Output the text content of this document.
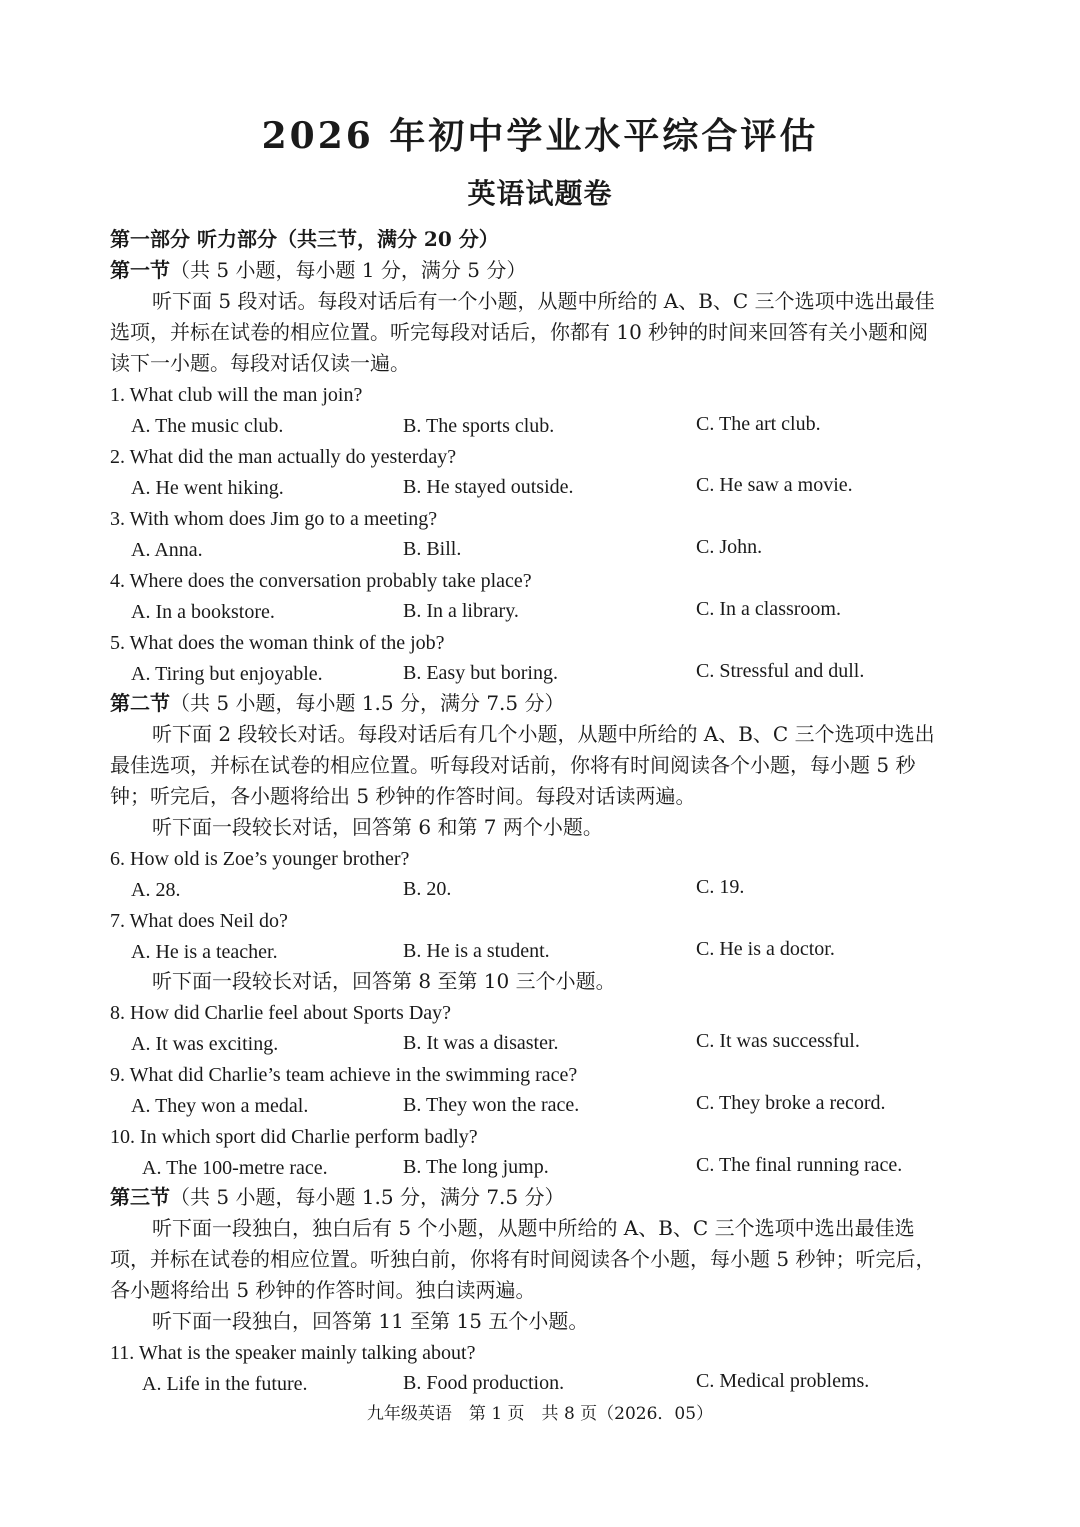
2026 年初中学业水平综合评估
英语试题卷
第一部分 听力部分（共三节，满分 20 分）
第一节（共 5 小题，每小题 1 分，满分 5 分）
听下面 5 段对话。每段对话后有一个小题，从题中所给的 A、B、C 三个选项中选出最佳
选项，并标在试卷的相应位置。听完每段对话后，你都有 10 秒钟的时间来回答有关小题和阅
读下一小题。每段对话仅读一遍。
1. What club will the man join?
A. The music club.	B. The sports club.	C. The art club.
2. What did the man actually do yesterday?
A. He went hiking.	B. He stayed outside.	C. He saw a movie.
3. With whom does Jim go to a meeting?
A. Anna.	B. Bill.	C. John.
4. Where does the conversation probably take place?
A. In a bookstore.	B. In a library.	C. In a classroom.
5. What does the woman think of the job?
A. Tiring but enjoyable.	B. Easy but boring.	C. Stressful and dull.
第二节（共 5 小题，每小题 1.5 分，满分 7.5 分）
听下面 2 段较长对话。每段对话后有几个小题，从题中所给的 A、B、C 三个选项中选出
最佳选项，并标在试卷的相应位置。听每段对话前，你将有时间阅读各个小题，每小题 5 秒
钟；听完后，各小题将给出 5 秒钟的作答时间。每段对话读两遍。
听下面一段较长对话，回答第 6 和第 7 两个小题。
6. How old is Zoe’s younger brother?
A. 28.	B. 20.	C. 19.
7. What does Neil do?
A. He is a teacher.	B. He is a student.	C. He is a doctor.
听下面一段较长对话，回答第 8 至第 10 三个小题。
8. How did Charlie feel about Sports Day?
A. It was exciting.	B. It was a disaster.	C. It was successful.
9. What did Charlie’s team achieve in the swimming race?
A. They won a medal.	B. They won the race.	C. They broke a record.
10. In which sport did Charlie perform badly?
A. The 100-metre race.	B. The long jump.	C. The final running race.
第三节（共 5 小题，每小题 1.5 分，满分 7.5 分）
听下面一段独白，独白后有 5 个小题，从题中所给的 A、B、C 三个选项中选出最佳选
项，并标在试卷的相应位置。听独白前，你将有时间阅读各个小题，每小题 5 秒钟；听完后，
各小题将给出 5 秒钟的作答时间。独白读两遍。
听下面一段独白，回答第 11 至第 15 五个小题。
11. What is the speaker mainly talking about?
A. Life in the future.	B. Food production.	C. Medical problems.
九年级英语　第 1 页　共 8 页（2026．05）
